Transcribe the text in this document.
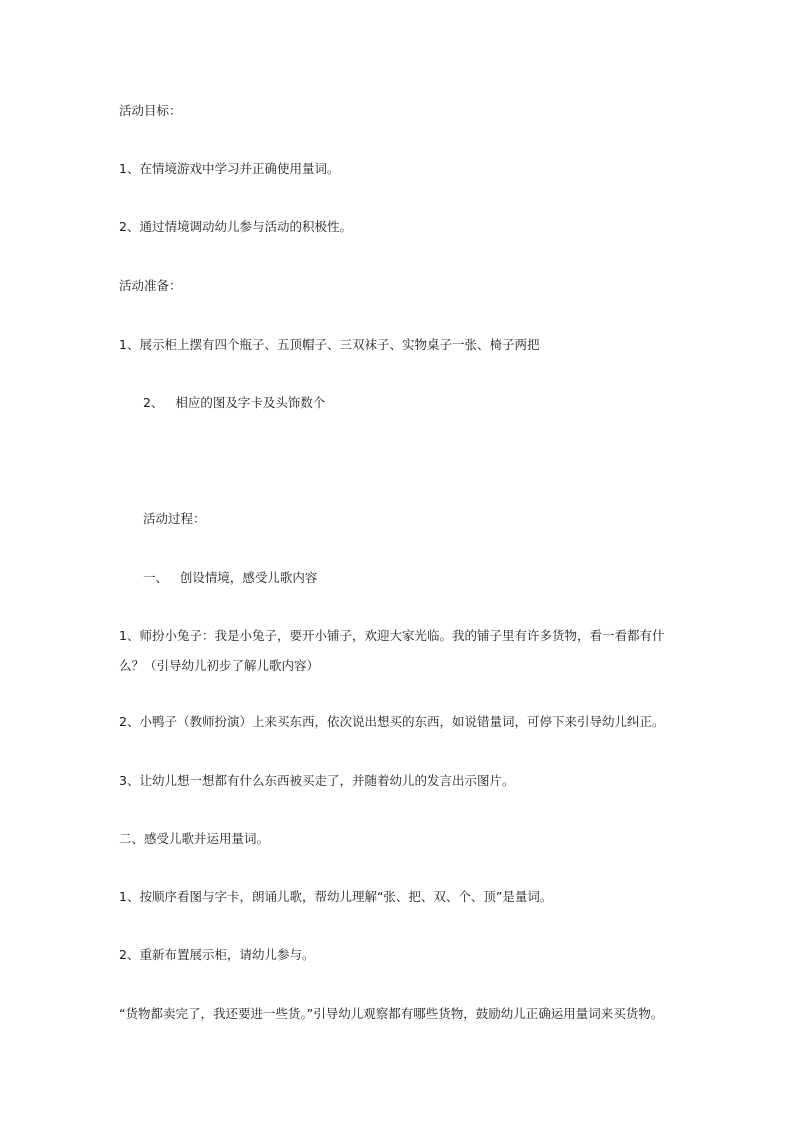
活动目标：
1、在情境游戏中学习并正确使用量词。
2、通过情境调动幼儿参与活动的积极性。
活动准备：
1、展示柜上摆有四个瓶子、五顶帽子、三双袜子、实物桌子一张、椅子两把
2、   相应的图及字卡及头饰数个
活动过程：
一、   创设情境，感受儿歌内容
1、师扮小兔子：我是小兔子，要开小铺子，欢迎大家光临。我的铺子里有许多货物，看一看都有什么？（引导幼儿初步了解儿歌内容）
2、小鸭子（教师扮演）上来买东西，依次说出想买的东西，如说错量词，可停下来引导幼儿纠正。
3、让幼儿想一想都有什么东西被买走了，并随着幼儿的发言出示图片。
二、感受儿歌并运用量词。
1、按顺序看图与字卡，朗诵儿歌，帮幼儿理解“张、把、双、个、顶”是量词。
2、重新布置展示柜，请幼儿参与。
“货物都卖完了，我还要进一些货。”引导幼儿观察都有哪些货物，鼓励幼儿正确运用量词来买货物。
